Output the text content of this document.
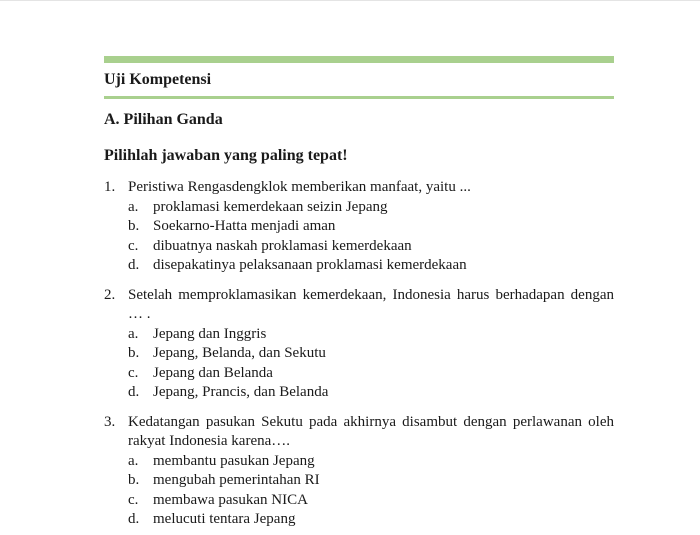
Uji Kompetensi
A. Pilihan Ganda
Pilihlah jawaban yang paling tepat!
1. Peristiwa Rengasdengklok memberikan manfaat, yaitu ...
a. proklamasi kemerdekaan seizin Jepang
b. Soekarno-Hatta menjadi aman
c. dibuatnya naskah proklamasi kemerdekaan
d. disepakatinya pelaksanaan proklamasi kemerdekaan
2. Setelah memproklamasikan kemerdekaan, Indonesia harus berhadapan dengan … .
a. Jepang dan Inggris
b. Jepang, Belanda, dan Sekutu
c. Jepang dan Belanda
d. Jepang, Prancis, dan Belanda
3. Kedatangan pasukan Sekutu pada akhirnya disambut dengan perlawanan oleh rakyat Indonesia karena….
a. membantu pasukan Jepang
b. mengubah pemerintahan RI
c. membawa pasukan NICA
d. melucuti tentara Jepang
